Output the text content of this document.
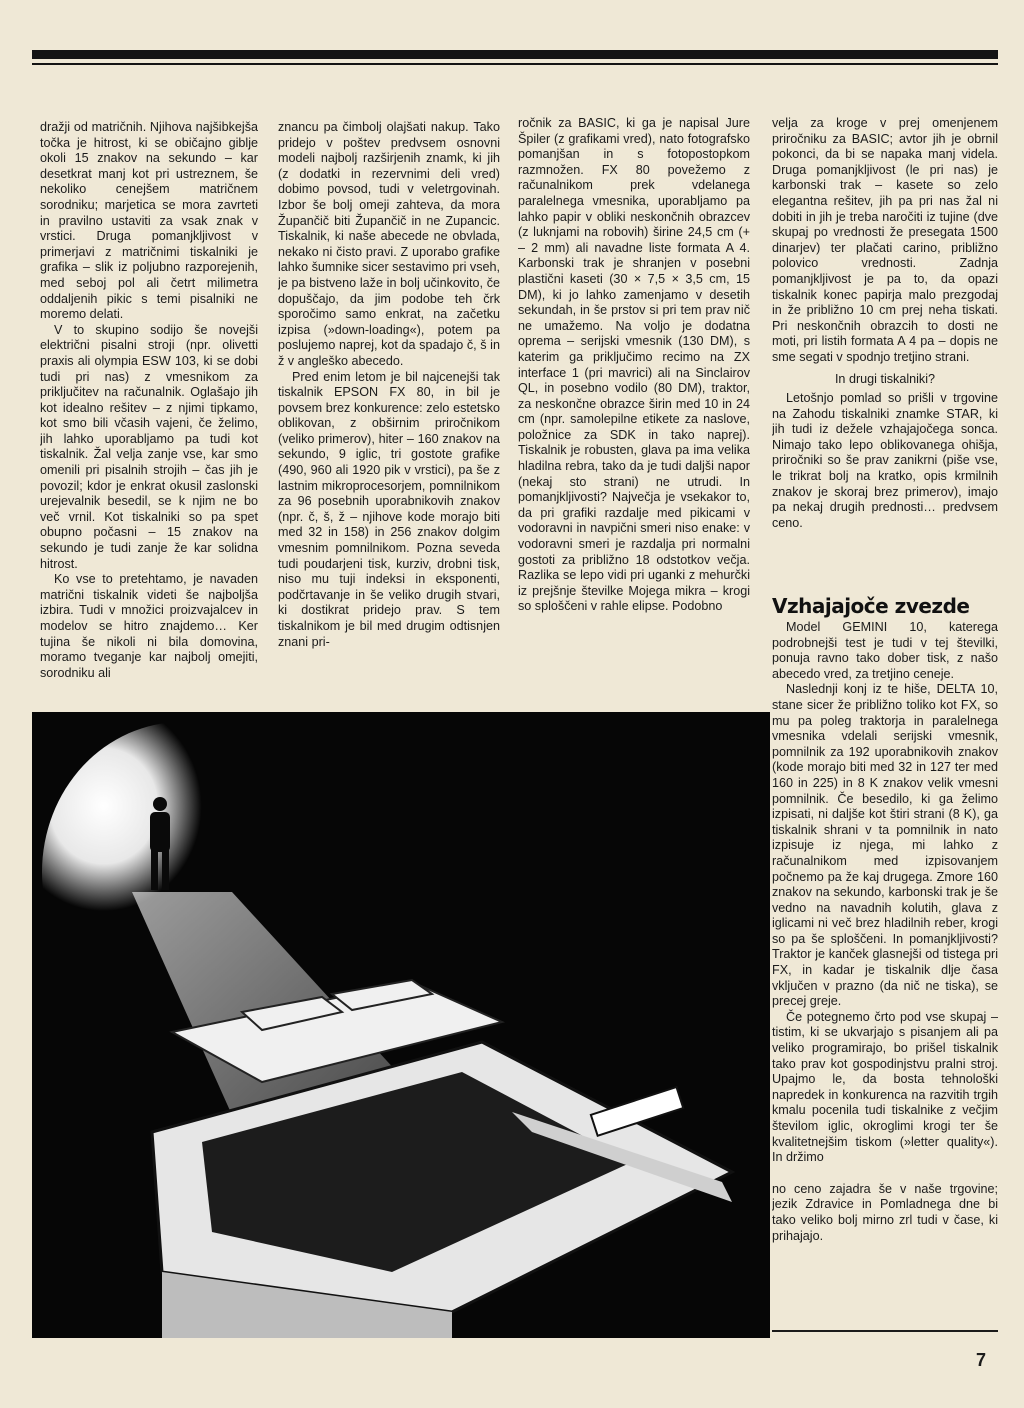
dražji od matričnih. Njihova najšibkejša točka je hitrost, ki se običajno giblje okoli 15 znakov na sekundo – kar desetkrat manj kot pri ustreznem, še nekoliko cenejšem matričnem sorodniku; marjetica se mora zavrteti in pravilno ustaviti za vsak znak v vrstici. Druga pomanjkljivost v primerjavi z matričnimi tiskalniki je grafika – slik iz poljubno razporejenih, med seboj pol ali četrt milimetra oddaljenih pikic s temi pisalniki ne moremo delati.

V to skupino sodijo še novejši električni pisalni stroji (npr. olivetti praxis ali olympia ESW 103, ki se dobi tudi pri nas) z vmesnikom za priključitev na računalnik. Oglašajo jih kot idealno rešitev – z njimi tipkamo, kot smo bili včasih vajeni, če želimo, jih lahko uporabljamo pa tudi kot tiskalnik. Žal velja zanje vse, kar smo omenili pri pisalnih strojih – čas jih je povozil; kdor je enkrat okusil zaslonski urejevalnik besedil, se k njim ne bo več vrnil. Kot tiskalniki so pa spet obupno počasni – 15 znakov na sekundo je tudi zanje že kar solidna hitrost.

Ko vse to pretehtamo, je navaden matrični tiskalnik videti še najboljša izbira. Tudi v množici proizvajalcev in modelov se hitro znajdemo… Ker tujina še nikoli ni bila domovina, moramo tveganje kar najbolj omejiti, sorodniku ali

znancu pa čimbolj olajšati nakup. Tako pridejo v poštev predvsem osnovni modeli najbolj razširjenih znamk, ki jih (z dodatki in rezervnimi deli vred) dobimo povsod, tudi v veletrgovinah. Izbor še bolj omeji zahteva, da mora Župančič biti Župančič in ne Zupancic. Tiskalnik, ki naše abecede ne obvlada, nekako ni čisto pravi. Z uporabo grafike lahko šumnike sicer sestavimo pri vseh, je pa bistveno laže in bolj učinkovito, če dopuščajo, da jim podobe teh črk sporočimo samo enkrat, na začetku izpisa (»down-loading«), potem pa poslujemo naprej, kot da spadajo č, š in ž v angleško abecedo.

Pred enim letom je bil najcenejši tak tiskalnik EPSON FX 80, in bil je povsem brez konkurence: zelo estetsko oblikovan, z obširnim priročnikom (veliko primerov), hiter – 160 znakov na sekundo, 9 iglic, tri gostote grafike (490, 960 ali 1920 pik v vrstici), pa še z lastnim mikroprocesorjem, pomnilnikom za 96 posebnih uporabnikovih znakov (npr. č, š, ž – njihove kode morajo biti med 32 in 158) in 256 znakov dolgim vmesnim pomnilnikom. Pozna seveda tudi poudarjeni tisk, kurziv, drobni tisk, niso mu tuji indeksi in eksponenti, podčrtavanje in še veliko drugih stvari, ki dostikrat pridejo prav. S tem tiskalnikom je bil med drugim odtisnjen znani pri-

ročnik za BASIC, ki ga je napisal Jure Špiler (z grafikami vred), nato fotografsko pomanjšan in s fotopostopkom razmnožen. FX 80 povežemo z računalnikom prek vdelanega paralelnega vmesnika, uporabljamo pa lahko papir v obliki neskončnih obrazcev (z luknjami na robovih) širine 24,5 cm (+ – 2 mm) ali navadne liste formata A 4. Karbonski trak je shranjen v posebni plastični kaseti (30 × 7,5 × 3,5 cm, 15 DM), ki jo lahko zamenjamo v desetih sekundah, in še prstov si pri tem prav nič ne umažemo. Na voljo je dodatna oprema – serijski vmesnik (130 DM), s katerim ga priključimo recimo na ZX interface 1 (pri mavrici) ali na Sinclairov QL, in posebno vodilo (80 DM), traktor, za neskončne obrazce širin med 10 in 24 cm (npr. samolepilne etikete za naslove, položnice za SDK in tako naprej). Tiskalnik je robusten, glava pa ima velika hladilna rebra, tako da je tudi daljši napor (nekaj sto strani) ne utrudi. In pomanjkljivosti? Največja je vsekakor to, da pri grafiki razdalje med pikicami v vodoravni in navpični smeri niso enake: v vodoravni smeri je razdalja pri normalni gostoti za približno 18 odstotkov večja. Razlika se lepo vidi pri uganki z mehurčki iz prejšnje številke Mojega mikra – krogi so sploščeni v rahle elipse. Podobno

velja za kroge v prej omenjenem priročniku za BASIC; avtor jih je obrnil pokonci, da bi se napaka manj videla. Druga pomanjkljivost (le pri nas) je karbonski trak – kasete so zelo elegantna rešitev, jih pa pri nas žal ni dobiti in jih je treba naročiti iz tujine (dve skupaj po vrednosti že presegata 1500 dinarjev) ter plačati carino, približno polovico vrednosti. Zadnja pomanjkljivost je pa to, da opazi tiskalnik konec papirja malo prezgodaj in že približno 10 cm prej neha tiskati. Pri neskončnih obrazcih to dosti ne moti, pri listih formata A 4 pa – dopis ne sme segati v spodnjo tretjino strani.

In drugi tiskalniki?

Letošnjo pomlad so prišli v trgovine na Zahodu tiskalniki znamke STAR, ki jih tudi iz dežele vzhajajočega sonca. Nimajo tako lepo oblikovanega ohišja, priročniki so še prav zanikrni (piše vse, le trikrat bolj na kratko, opis krmilnih znakov je skoraj brez primerov), imajo pa nekaj drugih prednosti… predvsem ceno.

Vzhajajoče zvezde

Model GEMINI 10, katerega podrobnejši test je tudi v tej številki, ponuja ravno tako dober tisk, z našo abecedo vred, za tretjino ceneje.

Naslednji konj iz te hiše, DELTA 10, stane sicer že približno toliko kot FX, so mu pa poleg traktorja in paralelnega vmesnika vdelali serijski vmesnik, pomnilnik za 192 uporabnikovih znakov (kode morajo biti med 32 in 127 ter med 160 in 225) in 8 K znakov velik vmesni pomnilnik. Če besedilo, ki ga želimo izpisati, ni daljše kot štiri strani (8 K), ga tiskalnik shrani v ta pomnilnik in nato izpisuje iz njega, mi lahko z računalnikom med izpisovanjem počnemo pa že kaj drugega. Zmore 160 znakov na sekundo, karbonski trak je še vedno na navadnih kolutih, glava z iglicami ni več brez hladilnih reber, krogi so pa še sploščeni. In pomanjkljivosti? Traktor je kanček glasnejši od tistega pri FX, in kadar je tiskalnik dlje časa vključen v prazno (da nič ne tiska), se precej greje.

Če potegnemo črto pod vse skupaj – tistim, ki se ukvarjajo s pisanjem ali pa veliko programirajo, bo prišel tiskalnik tako prav kot gospodinjstvu pralni stroj. Upajmo le, da bosta tehnološki napredek in konkurenca na razvitih trgih kmalu pocenila tudi tiskalnike z večjim številom iglic, okroglimi krogi ter še kvalitetnejšim tiskom (»letter quality«). In držimo

no ceno zajadra še v naše trgovine; jezik Zdravice in Pomladnega dne bi tako veliko bolj mirno zrl tudi v čase, ki prihajajo.

7
